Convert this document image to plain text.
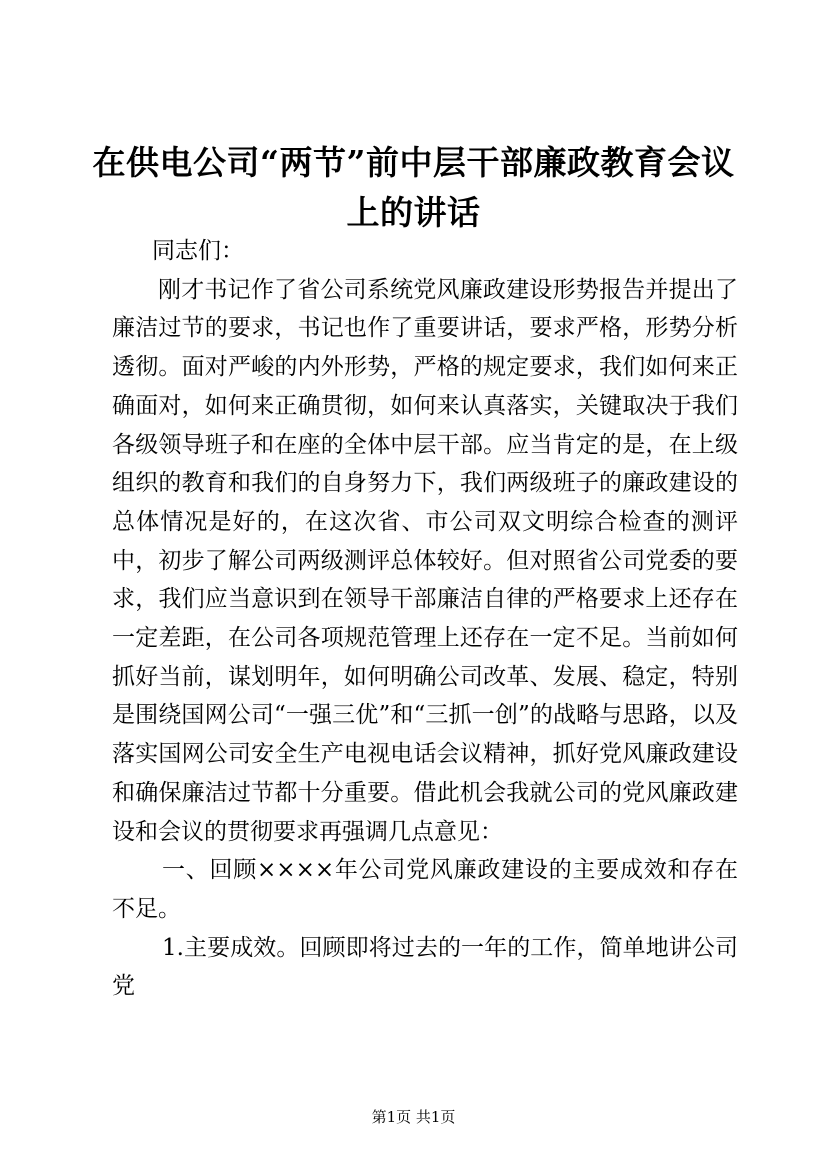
在供电公司“两节”前中层干部廉政教育会议
上的讲话

同志们：

刚才书记作了省公司系统党风廉政建设形势报告并提出了廉洁过节的要求，书记也作了重要讲话，要求严格，形势分析透彻。面对严峻的内外形势，严格的规定要求，我们如何来正确面对，如何来正确贯彻，如何来认真落实，关键取决于我们各级领导班子和在座的全体中层干部。应当肯定的是，在上级组织的教育和我们的自身努力下，我们两级班子的廉政建设的总体情况是好的，在这次省、市公司双文明综合检查的测评中，初步了解公司两级测评总体较好。但对照省公司党委的要求，我们应当意识到在领导干部廉洁自律的严格要求上还存在一定差距，在公司各项规范管理上还存在一定不足。当前如何抓好当前，谋划明年，如何明确公司改革、发展、稳定，特别是围绕国网公司“一强三优”和“三抓一创”的战略与思路，以及落实国网公司安全生产电视电话会议精神，抓好党风廉政建设和确保廉洁过节都十分重要。借此机会我就公司的党风廉政建设和会议的贯彻要求再强调几点意见：

一、回顾××××年公司党风廉政建设的主要成效和存在不足。

1.主要成效。回顾即将过去的一年的工作，简单地讲公司党

第1页 共1页
